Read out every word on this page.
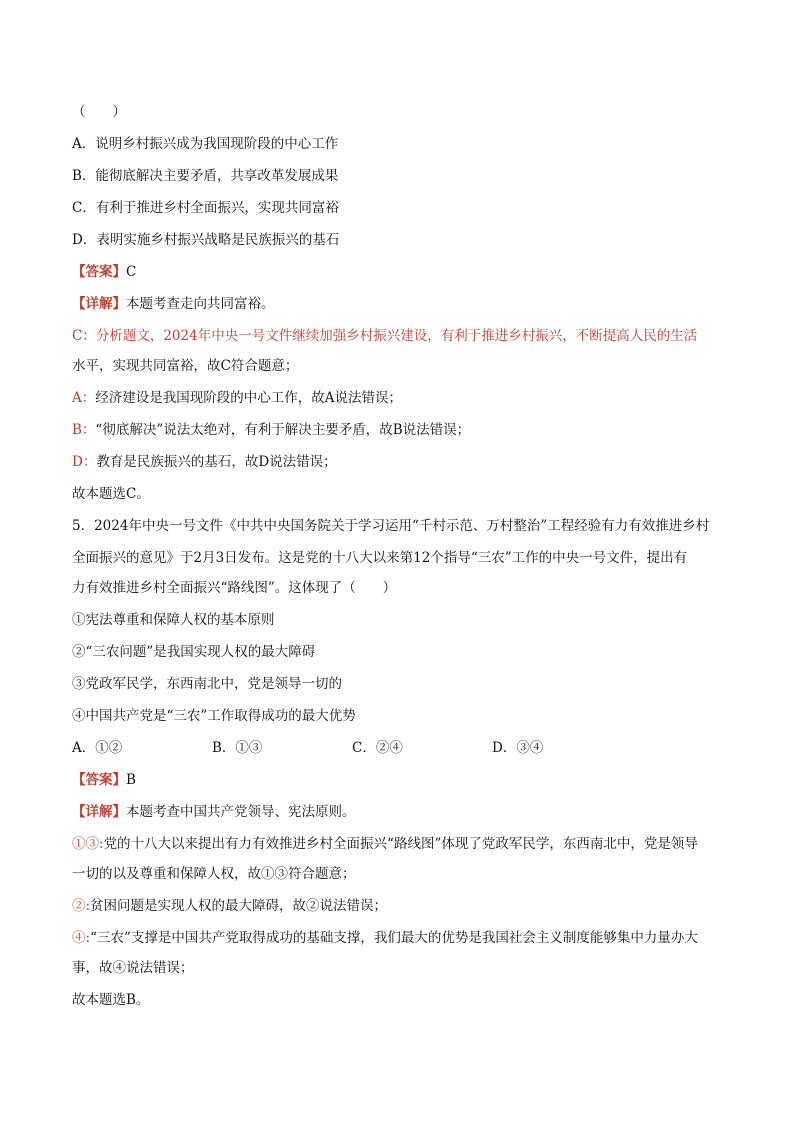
（　　）
A．说明乡村振兴成为我国现阶段的中心工作
B．能彻底解决主要矛盾，共享改革发展成果
C．有利于推进乡村全面振兴，实现共同富裕
D．表明实施乡村振兴战略是民族振兴的基石
【答案】C
【详解】本题考查走向共同富裕。
C：分析题文，2024年中央一号文件继续加强乡村振兴建设，有利于推进乡村振兴，不断提高人民的生活
水平，实现共同富裕，故C符合题意；
A：经济建设是我国现阶段的中心工作，故A说法错误；
B：“彻底解决”说法太绝对，有利于解决主要矛盾，故B说法错误；
D：教育是民族振兴的基石，故D说法错误；
故本题选C。
5．2024年中央一号文件《中共中央国务院关于学习运用“千村示范、万村整治”工程经验有力有效推进乡村
全面振兴的意见》于2月3日发布。这是党的十八大以来第12个指导“三农”工作的中央一号文件，提出有
力有效推进乡村全面振兴“路线图”。这体现了（　　）
①宪法尊重和保障人权的基本原则
②“三农问题”是我国实现人权的最大障碍
③党政军民学，东西南北中，党是领导一切的
④中国共产党是“三农”工作取得成功的最大优势
A．①②	B．①③	C．②④	D．③④
【答案】B
【详解】本题考查中国共产党领导、宪法原则。
①③:党的十八大以来提出有力有效推进乡村全面振兴“路线图”体现了党政军民学，东西南北中，党是领导
一切的以及尊重和保障人权，故①③符合题意；
②:贫困问题是实现人权的最大障碍，故②说法错误；
④:“三农”支撑是中国共产党取得成功的基础支撑，我们最大的优势是我国社会主义制度能够集中力量办大
事，故④说法错误；
故本题选B。
